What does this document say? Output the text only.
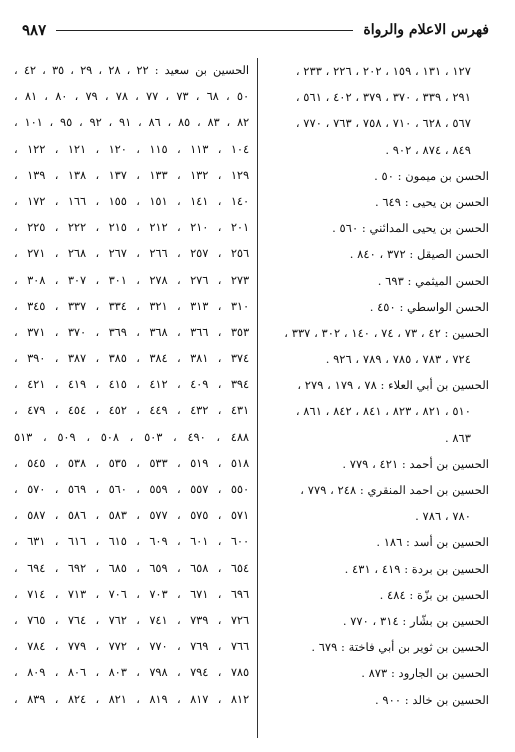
فهرس الاعلام والرواة
٩٨٧
١٢٧ ، ١٣١ ، ١٥٩ ، ٢٠٢ ، ٢٢٦ ، ٢٣٣ ،
٢٩١ ، ٣٣٩ ، ٣٧٠ ، ٣٧٩ ، ٤٠٢ ، ٥٦١ ،
٥٦٧ ، ٦٢٨ ، ٧١٠ ، ٧٥٨ ، ٧٦٣ ، ٧٧٠ ،
٨٤٩ ، ٨٧٤ ، ٩٠٢ .
الحسن بن ميمون : ٥٠ .
الحسن بن يحيى : ٦٤٩ .
الحسن بن يحيى المدائني : ٥٦٠ .
الحسن الصيقل : ٣٧٢ ، ٨٤٠ .
الحسن الميثمي : ٦٩٣ .
الحسن الواسطي : ٤٥٠ .
الحسين : ٤٢ ، ٧٣ ، ٧٤ ، ١٤٠ ، ٣٠٢ ، ٣٣٧ ،
٧٢٤ ، ٧٨٣ ، ٧٨٥ ، ٧٨٩ ، ٩٢٦ .
الحسين بن أبي العلاء : ٧٨ ، ١٧٩ ، ٢٧٩ ،
٥١٠ ، ٨٢١ ، ٨٢٣ ، ٨٤١ ، ٨٤٢ ، ٨٦١ ،
٨٦٣ .
الحسين بن أحمد : ٤٢١ ، ٧٧٩ .
الحسين بن احمد المنقري : ٢٤٨ ، ٧٧٩ ،
٧٨٠ ، ٧٨٦ .
الحسين بن أسد : ١٨٦ .
الحسين بن بردة : ٤١٩ ، ٤٣١ .
الحسين بن بزّة : ٤٨٤ .
الحسين بن بشّار : ٣١٤ ، ٧٧٠ .
الحسين بن ثوير بن أبي فاختة : ٦٧٩ .
الحسين بن الجارود : ٨٧٣ .
الحسين بن خالد : ٩٠٠ .
الحسين بن سعيد : ٢٢ ، ٢٨ ، ٢٩ ، ٣٥ ، ٤٢ ،
٥٠ ، ٦٨ ، ٧٣ ، ٧٧ ، ٧٨ ، ٧٩ ، ٨٠ ، ٨١ ،
٨٢ ، ٨٣ ، ٨٥ ، ٨٦ ، ٩١ ، ٩٢ ، ٩٥ ، ١٠١ ،
١٠٤ ، ١١٣ ، ١١٥ ، ١٢٠ ، ١٢١ ، ١٢٢ ،
١٢٩ ، ١٣٢ ، ١٣٣ ، ١٣٧ ، ١٣٨ ، ١٣٩ ،
١٤٠ ، ١٤١ ، ١٥١ ، ١٥٥ ، ١٦٦ ، ١٧٢ ،
٢٠١ ، ٢١٠ ، ٢١٢ ، ٢١٥ ، ٢٢٢ ، ٢٢٥ ،
٢٥٦ ، ٢٥٧ ، ٢٦٦ ، ٢٦٧ ، ٢٦٨ ، ٢٧١ ،
٢٧٣ ، ٢٧٦ ، ٢٧٨ ، ٣٠١ ، ٣٠٧ ، ٣٠٨ ،
٣١٠ ، ٣١٣ ، ٣٢١ ، ٣٣٤ ، ٣٣٧ ، ٣٤٥ ،
٣٥٣ ، ٣٦٦ ، ٣٦٨ ، ٣٦٩ ، ٣٧٠ ، ٣٧١ ،
٣٧٤ ، ٣٨١ ، ٣٨٤ ، ٣٨٥ ، ٣٨٧ ، ٣٩٠ ،
٣٩٤ ، ٤٠٩ ، ٤١٢ ، ٤١٥ ، ٤١٩ ، ٤٢١ ،
٤٣١ ، ٤٣٢ ، ٤٤٩ ، ٤٥٢ ، ٤٥٤ ، ٤٧٩ ،
٤٨٨ ، ٤٩٠ ، ٥٠٣ ، ٥٠٨ ، ٥٠٩ ، ٥١٣
٥١٨ ، ٥١٩ ، ٥٣٣ ، ٥٣٥ ، ٥٣٨ ، ٥٤٥ ،
٥٥٠ ، ٥٥٧ ، ٥٥٩ ، ٥٦٠ ، ٥٦٩ ، ٥٧٠ ،
٥٧١ ، ٥٧٥ ، ٥٧٧ ، ٥٨٣ ، ٥٨٦ ، ٥٨٧ ،
٦٠٠ ، ٦٠١ ، ٦٠٩ ، ٦١٥ ، ٦١٦ ، ٦٣١ ،
٦٥٤ ، ٦٥٨ ، ٦٥٩ ، ٦٨٥ ، ٦٩٢ ، ٦٩٤ ،
٦٩٦ ، ٦٧١ ، ٧٠٣ ، ٧٠٦ ، ٧١٣ ، ٧١٤ ،
٧٢٦ ، ٧٣٩ ، ٧٤١ ، ٧٦٢ ، ٧٦٤ ، ٧٦٥ ،
٧٦٦ ، ٧٦٩ ، ٧٧٠ ، ٧٧٢ ، ٧٧٩ ، ٧٨٤ ،
٧٨٥ ، ٧٩٤ ، ٧٩٨ ، ٨٠٣ ، ٨٠٦ ، ٨٠٩ ،
٨١٢ ، ٨١٧ ، ٨١٩ ، ٨٢١ ، ٨٢٤ ، ٨٣٩ ،
